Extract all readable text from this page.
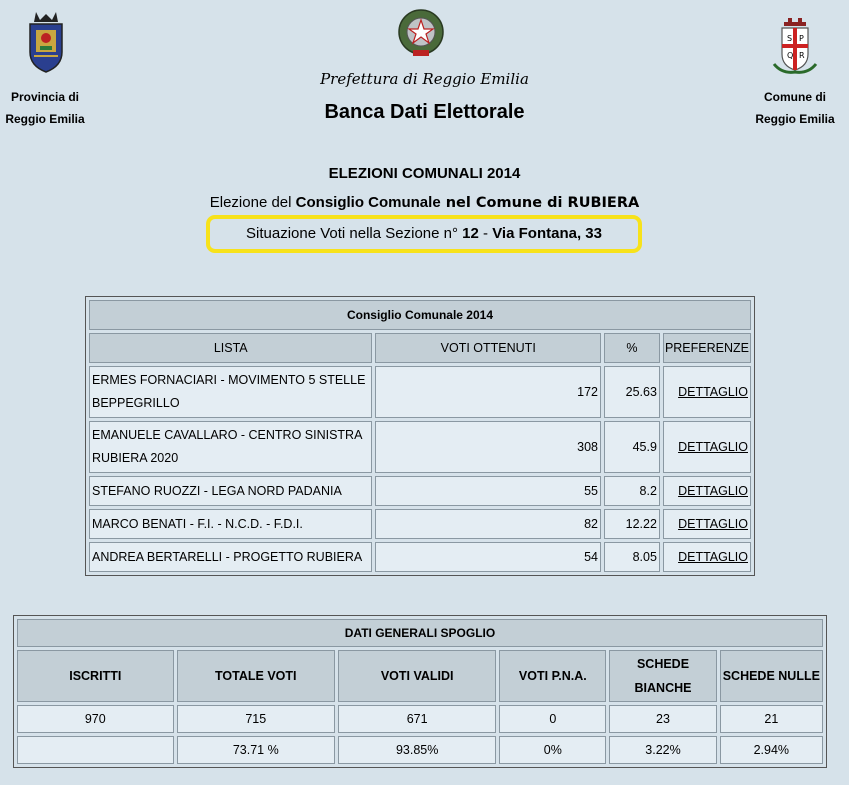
S P
Q R
Provincia di
Reggio Emilia
Comune di
Reggio Emilia
Prefettura di Reggio Emilia
Banca Dati Elettorale
ELEZIONI COMUNALI 2014
Elezione del Consiglio Comunale nel Comune di RUBIERA
Situazione Voti nella Sezione n° 12 - Via Fontana, 33
Consiglio Comunale 2014			
LISTA	VOTI OTTENUTI	%	PREFERENZE
ERMES FORNACIARI - MOVIMENTO 5 STELLE BEPPEGRILLO	172	25.63	DETTAGLIO
EMANUELE CAVALLARO - CENTRO SINISTRA RUBIERA 2020	308	45.9	DETTAGLIO
STEFANO RUOZZI - LEGA NORD PADANIA	55	8.2	DETTAGLIO
MARCO BENATI - F.I. - N.C.D. - F.D.I.	82	12.22	DETTAGLIO
ANDREA BERTARELLI - PROGETTO RUBIERA	54	8.05	DETTAGLIO
DATI GENERALI SPOGLIO					
ISCRITTI	TOTALE VOTI	VOTI VALIDI	VOTI P.N.A.	SCHEDE BIANCHE	SCHEDE NULLE
970	715	671	0	23	21
	73.71 %	93.85%	0%	3.22%	2.94%
